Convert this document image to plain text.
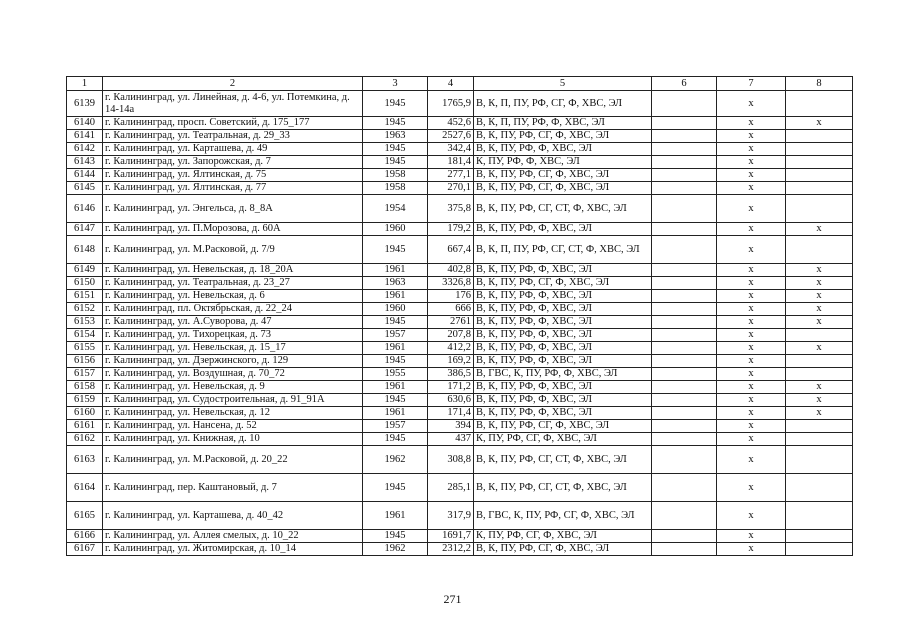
1	2	3	4	5	6	7	8
6139	г. Калининград, ул. Линейная, д. 4-6, ул. Потемкина, д. 14-14а	1945	1765,9	В, К, П, ПУ, РФ, СГ, Ф, ХВС, ЭЛ		x	
6140	г. Калининград, просп. Советский, д. 175_177	1945	452,6	В, К, П, ПУ, РФ, Ф, ХВС, ЭЛ		x	x
6141	г. Калининград, ул. Театральная, д. 29_33	1963	2527,6	В, К, ПУ, РФ, СГ, Ф, ХВС, ЭЛ		x	
6142	г. Калининград, ул. Карташева, д. 49	1945	342,4	В, К, ПУ, РФ, Ф, ХВС, ЭЛ		x	
6143	г. Калининград, ул. Запорожская, д. 7	1945	181,4	К, ПУ, РФ, Ф, ХВС, ЭЛ		x	
6144	г. Калининград, ул. Ялтинская, д. 75	1958	277,1	В, К, ПУ, РФ, СГ, Ф, ХВС, ЭЛ		x	
6145	г. Калининград, ул. Ялтинская, д. 77	1958	270,1	В, К, ПУ, РФ, СГ, Ф, ХВС, ЭЛ		x	
6146	г. Калининград, ул. Энгельса, д. 8_8А	1954	375,8	В, К, ПУ, РФ, СГ, СТ, Ф, ХВС, ЭЛ		x	
6147	г. Калининград, ул. П.Морозова, д. 60А	1960	179,2	В, К, ПУ, РФ, Ф, ХВС, ЭЛ		x	x
6148	г. Калининград, ул. М.Расковой, д. 7/9	1945	667,4	В, К, П, ПУ, РФ, СГ, СТ, Ф, ХВС, ЭЛ		x	
6149	г. Калининград, ул. Невельская, д. 18_20А	1961	402,8	В, К, ПУ, РФ, Ф, ХВС, ЭЛ		x	x
6150	г. Калининград, ул. Театральная, д. 23_27	1963	3326,8	В, К, ПУ, РФ, СГ, Ф, ХВС, ЭЛ		x	x
6151	г. Калининград, ул. Невельская, д. 6	1961	176	В, К, ПУ, РФ, Ф, ХВС, ЭЛ		x	x
6152	г. Калининград, пл. Октябрьская, д. 22_24	1960	666	В, К, ПУ, РФ, Ф, ХВС, ЭЛ		x	x
6153	г. Калининград, ул. А.Суворова, д. 47	1945	2761	В, К, ПУ, РФ, Ф, ХВС, ЭЛ		x	x
6154	г. Калининград, ул. Тихорецкая, д. 73	1957	207,8	В, К, ПУ, РФ, Ф, ХВС, ЭЛ		x	
6155	г. Калининград, ул. Невельская, д. 15_17	1961	412,2	В, К, ПУ, РФ, Ф, ХВС, ЭЛ		x	x
6156	г. Калининград, ул. Дзержинского, д. 129	1945	169,2	В, К, ПУ, РФ, Ф, ХВС, ЭЛ		x	
6157	г. Калининград, ул. Воздушная, д. 70_72	1955	386,5	В, ГВС, К, ПУ, РФ, Ф, ХВС, ЭЛ		x	
6158	г. Калининград, ул. Невельская, д. 9	1961	171,2	В, К, ПУ, РФ, Ф, ХВС, ЭЛ		x	x
6159	г. Калининград, ул. Судостроительная, д. 91_91А	1945	630,6	В, К, ПУ, РФ, Ф, ХВС, ЭЛ		x	x
6160	г. Калининград, ул. Невельская, д. 12	1961	171,4	В, К, ПУ, РФ, Ф, ХВС, ЭЛ		x	x
6161	г. Калининград, ул. Нансена, д. 52	1957	394	В, К, ПУ, РФ, СГ, Ф, ХВС, ЭЛ		x	
6162	г. Калининград, ул. Книжная, д. 10	1945	437	К, ПУ, РФ, СГ, Ф, ХВС, ЭЛ		x	
6163	г. Калининград, ул. М.Расковой, д. 20_22	1962	308,8	В, К, ПУ, РФ, СГ, СТ, Ф, ХВС, ЭЛ		x	
6164	г. Калининград, пер. Каштановый, д. 7	1945	285,1	В, К, ПУ, РФ, СГ, СТ, Ф, ХВС, ЭЛ		x	
6165	г. Калининград, ул. Карташева, д. 40_42	1961	317,9	В, ГВС, К, ПУ, РФ, СГ, Ф, ХВС, ЭЛ		x	
6166	г. Калининград, ул. Аллея смелых, д. 10_22	1945	1691,7	К, ПУ, РФ, СГ, Ф, ХВС, ЭЛ		x	
6167	г. Калининград, ул. Житомирская, д. 10_14	1962	2312,2	В, К, ПУ, РФ, СГ, Ф, ХВС, ЭЛ		x	
271
